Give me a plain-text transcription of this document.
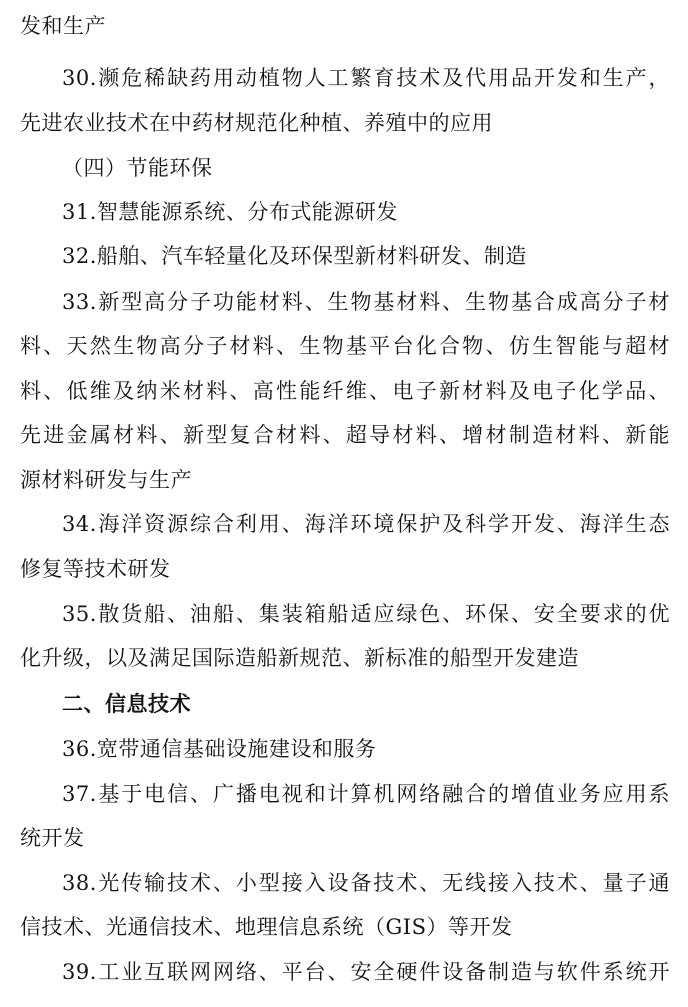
发和生产
30.濒危稀缺药用动植物人工繁育技术及代用品开发和生产，
先进农业技术在中药材规范化种植、养殖中的应用
（四）节能环保
31.智慧能源系统、分布式能源研发
32.船舶、汽车轻量化及环保型新材料研发、制造
33.新型高分子功能材料、生物基材料、生物基合成高分子材
料、天然生物高分子材料、生物基平台化合物、仿生智能与超材
料、低维及纳米材料、高性能纤维、电子新材料及电子化学品、
先进金属材料、新型复合材料、超导材料、增材制造材料、新能
源材料研发与生产
34.海洋资源综合利用、海洋环境保护及科学开发、海洋生态
修复等技术研发
35.散货船、油船、集装箱船适应绿色、环保、安全要求的优
化升级，以及满足国际造船新规范、新标准的船型开发建造
二、信息技术
36.宽带通信基础设施建设和服务
37.基于电信、广播电视和计算机网络融合的增值业务应用系
统开发
38.光传输技术、小型接入设备技术、无线接入技术、量子通
信技术、光通信技术、地理信息系统（GIS）等开发
39.工业互联网网络、平台、安全硬件设备制造与软件系统开
